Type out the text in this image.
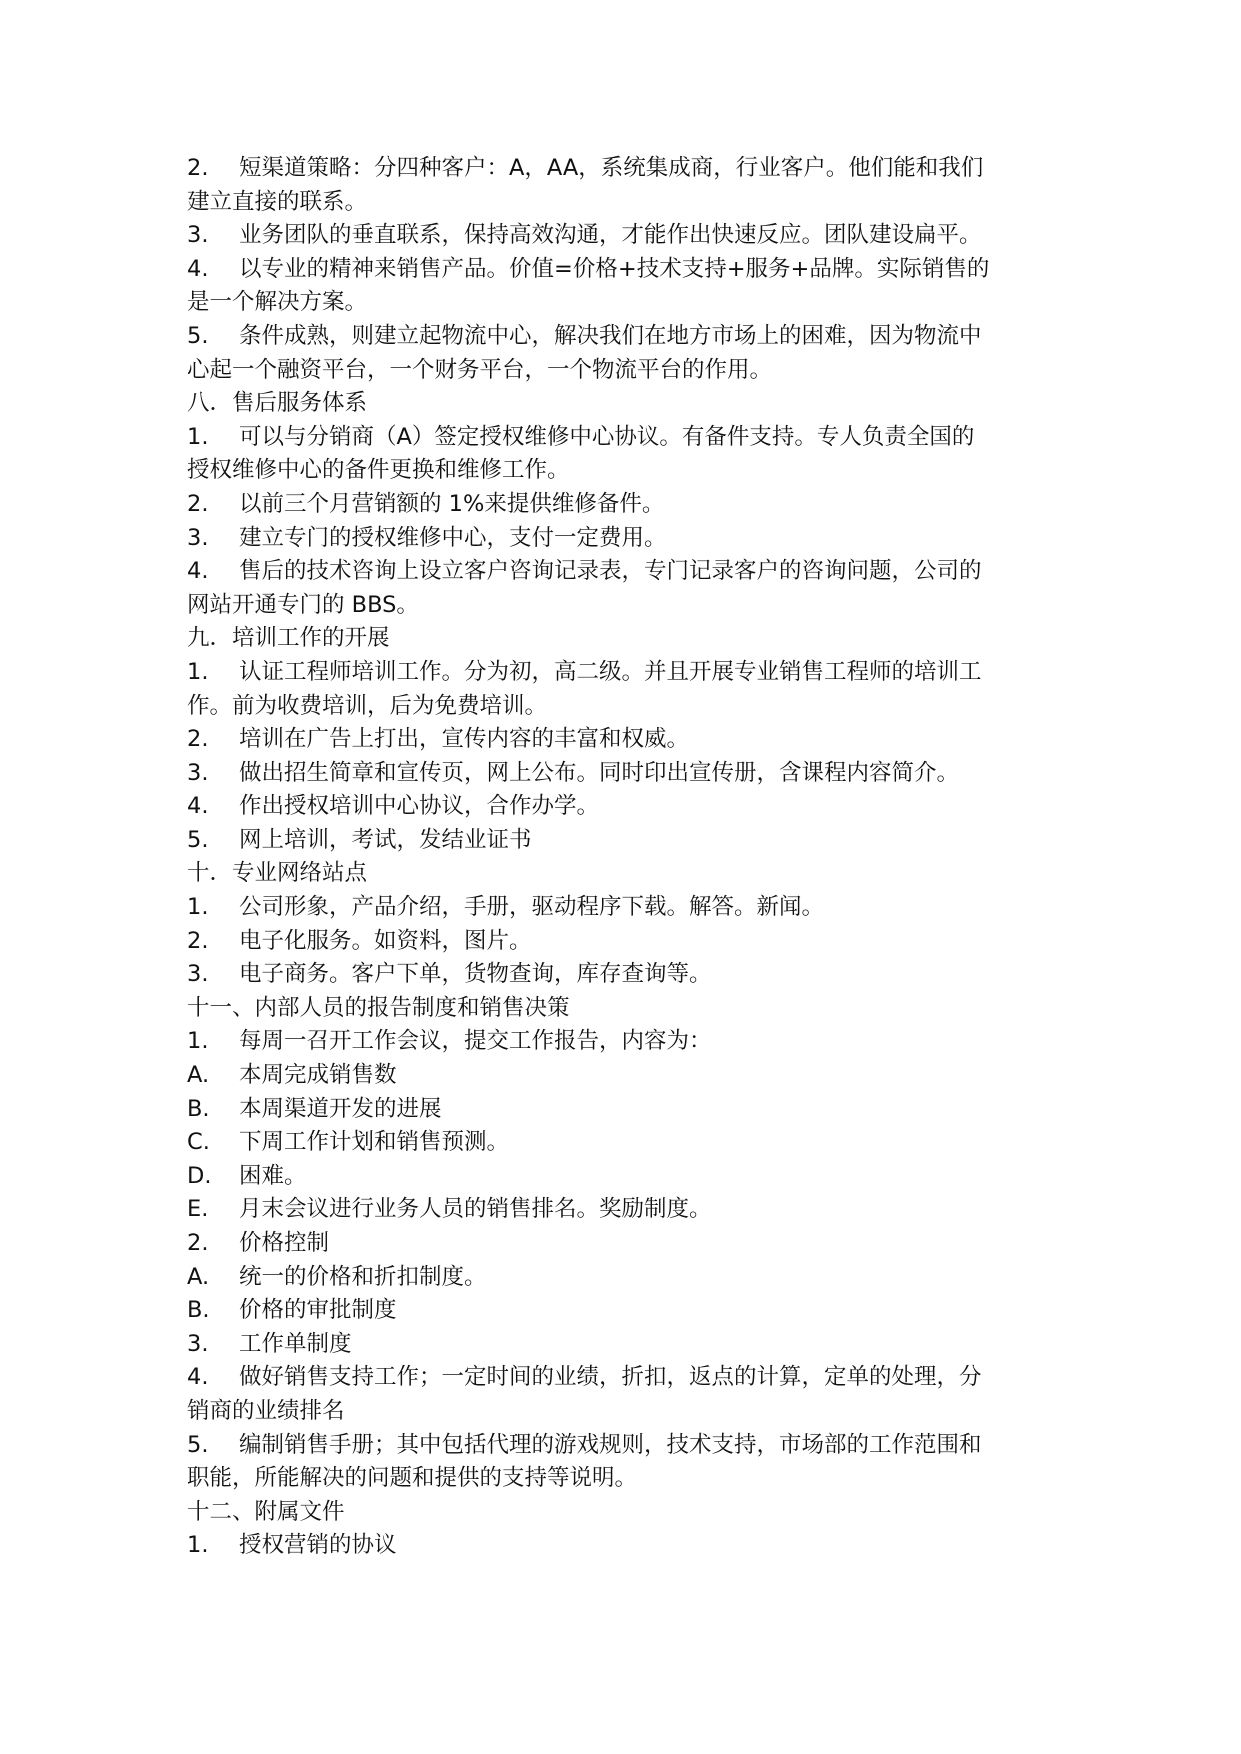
2. 短渠道策略：分四种客户：A，AA，系统集成商，行业客户。他们能和我们
建立直接的联系。
3. 业务团队的垂直联系，保持高效沟通，才能作出快速反应。团队建设扁平。
4. 以专业的精神来销售产品。价值=价格+技术支持+服务+品牌。实际销售的
是一个解决方案。
5. 条件成熟，则建立起物流中心，解决我们在地方市场上的困难，因为物流中
心起一个融资平台，一个财务平台，一个物流平台的作用。
八．售后服务体系
1. 可以与分销商（A）签定授权维修中心协议。有备件支持。专人负责全国的
授权维修中心的备件更换和维修工作。
2.	以前三个月营销额的 1%来提供维修备件。
3.	建立专门的授权维修中心，支付一定费用。
4. 售后的技术咨询上设立客户咨询记录表，专门记录客户的咨询问题，公司的
网站开通专门的 BBS。
九．培训工作的开展
1. 认证工程师培训工作。分为初，高二级。并且开展专业销售工程师的培训工
作。前为收费培训，后为免费培训。
2.	培训在广告上打出，宣传内容的丰富和权威。
3.	做出招生简章和宣传页，网上公布。同时印出宣传册，含课程内容简介。
4.	作出授权培训中心协议，合作办学。
5.	网上培训，考试，发结业证书
十．专业网络站点
1.	公司形象，产品介绍，手册，驱动程序下载。解答。新闻。
2.	电子化服务。如资料，图片。
3.	电子商务。客户下单，货物查询，库存查询等。
十一、内部人员的报告制度和销售决策
1.	每周一召开工作会议，提交工作报告，内容为：
A.	本周完成销售数
B.	本周渠道开发的进展
C.	下周工作计划和销售预测。
D.	困难。
E.	月末会议进行业务人员的销售排名。奖励制度。
2.	价格控制
A.	统一的价格和折扣制度。
B.	价格的审批制度
3.	工作单制度
4. 做好销售支持工作；一定时间的业绩，折扣，返点的计算，定单的处理，分
销商的业绩排名
5. 编制销售手册；其中包括代理的游戏规则，技术支持，市场部的工作范围和
职能，所能解决的问题和提供的支持等说明。
十二、附属文件
1.	授权营销的协议
